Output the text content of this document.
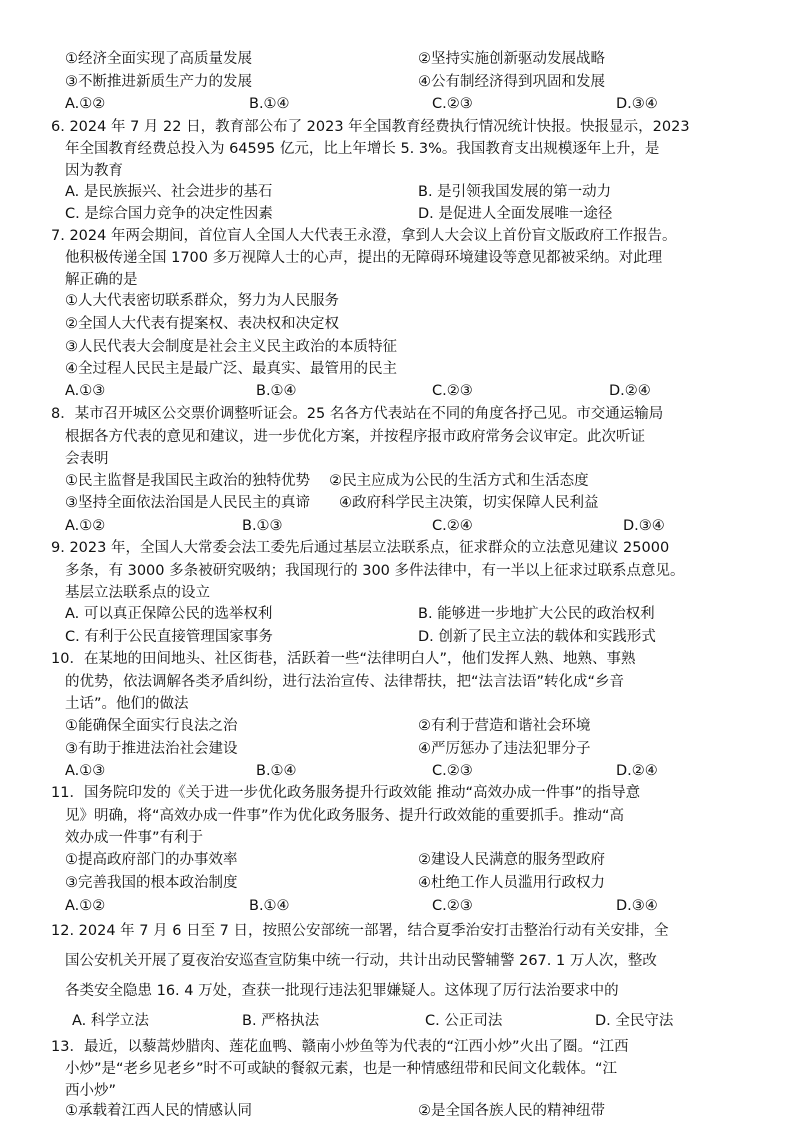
①经济全面实现了高质量发展	②坚持实施创新驱动发展战略
③不断推进新质生产力的发展	④公有制经济得到巩固和发展
A.①②	B.①④	C.②③	D.③④
6. 2024 年 7 月 22 日，教育部公布了 2023 年全国教育经费执行情况统计快报。快报显示，2023
年全国教育经费总投入为 64595 亿元，比上年增长 5. 3%。我国教育支出规模逐年上升，是
因为教育
A. 是民族振兴、社会进步的基石	B. 是引领我国发展的第一动力
C. 是综合国力竞争的决定性因素	D. 是促进人全面发展唯一途径
7. 2024 年两会期间，首位盲人全国人大代表王永澄，拿到人大会议上首份盲文版政府工作报告。
他积极传递全国 1700 多万视障人士的心声，提出的无障碍环境建设等意见都被采纳。对此理
解正确的是
①人大代表密切联系群众，努力为人民服务
②全国人大代表有提案权、表决权和决定权
③人民代表大会制度是社会主义民主政治的本质特征
④全过程人民民主是最广泛、最真实、最管用的民主
A.①③	B.①④	C.②③	D.②④
8．某市召开城区公交票价调整听证会。25 名各方代表站在不同的角度各抒己见。市交通运输局
根据各方代表的意见和建议，进一步优化方案，并按程序报市政府常务会议审定。此次听证
会表明
①民主监督是我国民主政治的独特优势　 ②民主应成为公民的生活方式和生活态度
③坚持全面依法治国是人民民主的真谛　　④政府科学民主决策，切实保障人民利益
A.①②	B.①③	C.②④	D.③④
9. 2023 年，全国人大常委会法工委先后通过基层立法联系点，征求群众的立法意见建议 25000
多条，有 3000 多条被研究吸纳；我国现行的 300 多件法律中，有一半以上征求过联系点意见。
基层立法联系点的设立
A. 可以真正保障公民的选举权利	B. 能够进一步地扩大公民的政治权利
C. 有利于公民直接管理国家事务	D. 创新了民主立法的载体和实践形式
10．在某地的田间地头、社区街巷，活跃着一些“法律明白人”，他们发挥人熟、地熟、事熟
的优势，依法调解各类矛盾纠纷，进行法治宣传、法律帮扶，把“法言法语”转化成“乡音
土话”。他们的做法
①能确保全面实行良法之治	②有利于营造和谐社会环境
③有助于推进法治社会建设	④严厉惩办了违法犯罪分子
A.①③	B.①④	C.②③	D.②④
11．国务院印发的《关于进一步优化政务服务提升行政效能 推动“高效办成一件事”的指导意
见》明确，将“高效办成一件事”作为优化政务服务、提升行政效能的重要抓手。推动“高
效办成一件事”有利于
①提高政府部门的办事效率	②建设人民满意的服务型政府
③完善我国的根本政治制度	④杜绝工作人员滥用行政权力
A.①②	B.①④	C.②③	D.③④
12. 2024 年 7 月 6 日至 7 日，按照公安部统一部署，结合夏季治安打击整治行动有关安排，全
国公安机关开展了夏夜治安巡查宣防集中统一行动，共计出动民警辅警 267. 1 万人次，整改
各类安全隐患 16. 4 万处，查获一批现行违法犯罪嫌疑人。这体现了厉行法治要求中的
A. 科学立法	B. 严格执法	C. 公正司法	D. 全民守法
13．最近，以藜蒿炒腊肉、莲花血鸭、赣南小炒鱼等为代表的“江西小炒”火出了圈。“江西
小炒”是“老乡见老乡”时不可或缺的餐叙元素，也是一种情感纽带和民间文化载体。“江
西小炒”
①承载着江西人民的情感认同	②是全国各族人民的精神纽带
